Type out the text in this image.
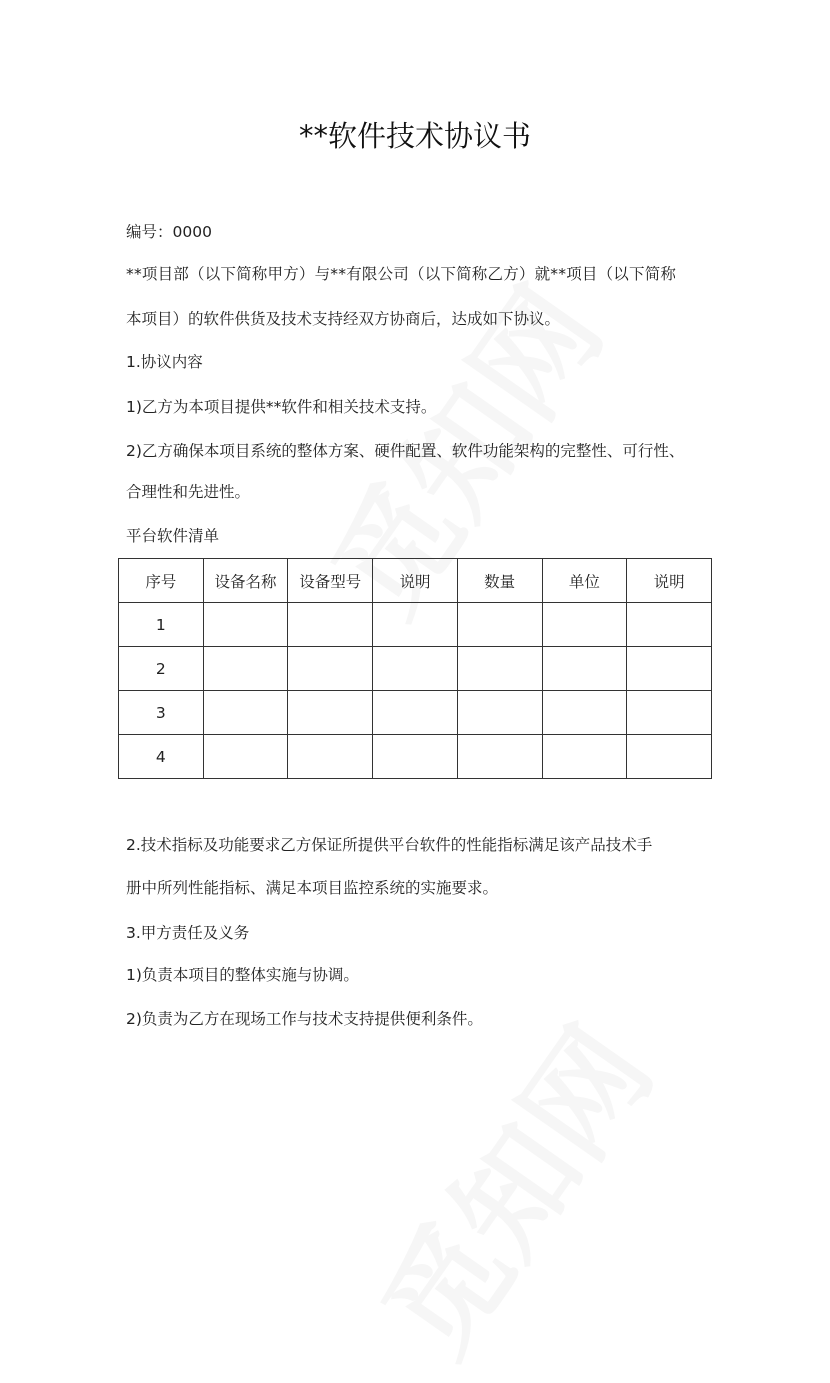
**软件技术协议书
编号：0000
**项目部（以下简称甲方）与**有限公司（以下简称乙方）就**项目（以下简称
本项目）的软件供货及技术支持经双方协商后，达成如下协议。
1.协议内容
1)乙方为本项目提供**软件和相关技术支持。
2)乙方确保本项目系统的整体方案、硬件配置、软件功能架构的完整性、可行性、
合理性和先进性。
平台软件清单
序号	设备名称	设备型号	说明	数量	单位	说明
1						
2						
3						
4						
2.技术指标及功能要求乙方保证所提供平台软件的性能指标满足该产品技术手
册中所列性能指标、满足本项目监控系统的实施要求。
3.甲方责任及义务
1)负责本项目的整体实施与协调。
2)负责为乙方在现场工作与技术支持提供便利条件。
